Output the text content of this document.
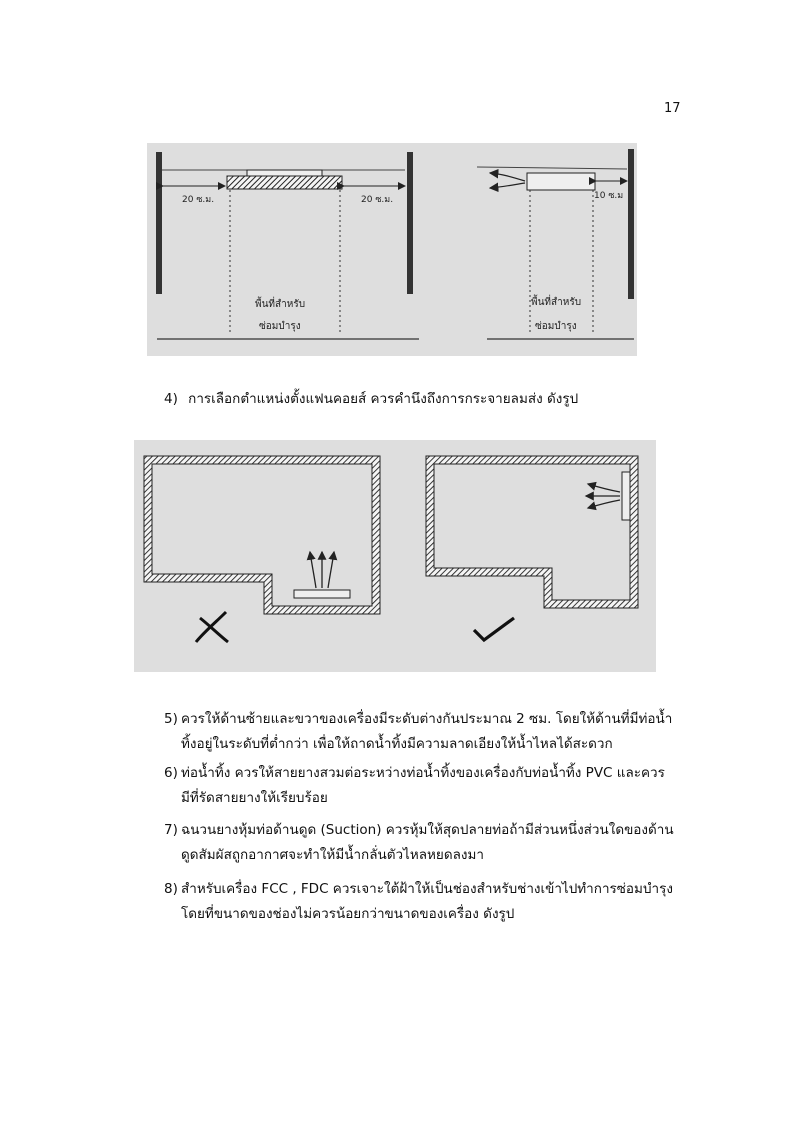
17
20 ซ.ม.	20 ซ.ม.
พื้นที่สำหรับ
ซ่อมบำรุง
10 ซ.ม
พื้นที่สำหรับ
ซ่อมบำรุง
4) การเลือกตำแหน่งตั้งแฟนคอยส์ ควรคำนึงถึงการกระจายลมส่ง ดังรูป
5) ควรให้ด้านซ้ายและขวาของเครื่องมีระดับต่างกันประมาณ 2 ซม. โดยให้ด้านที่มีท่อน้ำ
ทิ้งอยู่ในระดับที่ต่ำกว่า เพื่อให้ถาดน้ำทิ้งมีความลาดเอียงให้น้ำไหลได้สะดวก
6) ท่อน้ำทิ้ง ควรให้สายยางสวมต่อระหว่างท่อน้ำทิ้งของเครื่องกับท่อน้ำทิ้ง PVC และควร
มีที่รัดสายยางให้เรียบร้อย
7) ฉนวนยางหุ้มท่อด้านดูด (Suction) ควรหุ้มให้สุดปลายท่อถ้ามีส่วนหนึ่งส่วนใดของด้าน
ดูดสัมผัสถูกอากาศจะทำให้มีน้ำกลั่นตัวไหลหยดลงมา
8) สำหรับเครื่อง FCC , FDC ควรเจาะใต้ฝ้าให้เป็นช่องสำหรับช่างเข้าไปทำการซ่อมบำรุง
โดยที่ขนาดของช่องไม่ควรน้อยกว่าขนาดของเครื่อง ดังรูป
